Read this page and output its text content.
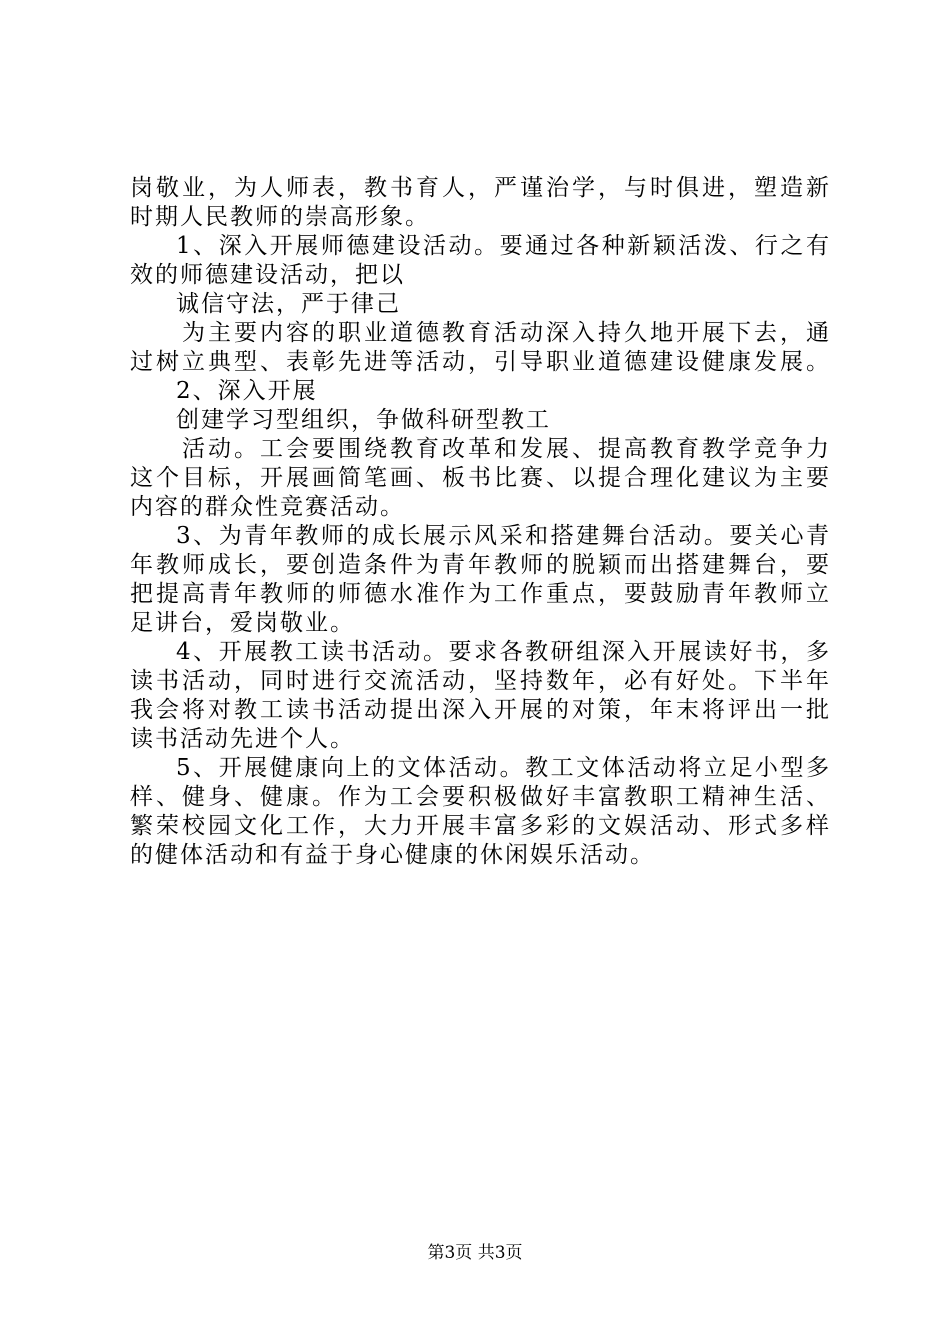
岗敬业，为人师表，教书育人，严谨治学，与时俱进，塑造新
时期人民教师的崇高形象。
1、深入开展师德建设活动。要通过各种新颖活泼、行之有
效的师德建设活动，把以
诚信守法，严于律己
为主要内容的职业道德教育活动深入持久地开展下去，通
过树立典型、表彰先进等活动，引导职业道德建设健康发展。
2、深入开展
创建学习型组织，争做科研型教工
活动。工会要围绕教育改革和发展、提高教育教学竞争力
这个目标，开展画简笔画、板书比赛、以提合理化建议为主要
内容的群众性竞赛活动。
3、为青年教师的成长展示风采和搭建舞台活动。要关心青
年教师成长，要创造条件为青年教师的脱颖而出搭建舞台，要
把提高青年教师的师德水准作为工作重点，要鼓励青年教师立
足讲台，爱岗敬业。
4、开展教工读书活动。要求各教研组深入开展读好书，多
读书活动，同时进行交流活动，坚持数年，必有好处。下半年
我会将对教工读书活动提出深入开展的对策，年末将评出一批
读书活动先进个人。
5、开展健康向上的文体活动。教工文体活动将立足小型多
样、健身、健康。作为工会要积极做好丰富教职工精神生活、
繁荣校园文化工作，大力开展丰富多彩的文娱活动、形式多样
的健体活动和有益于身心健康的休闲娱乐活动。
第3页 共3页
